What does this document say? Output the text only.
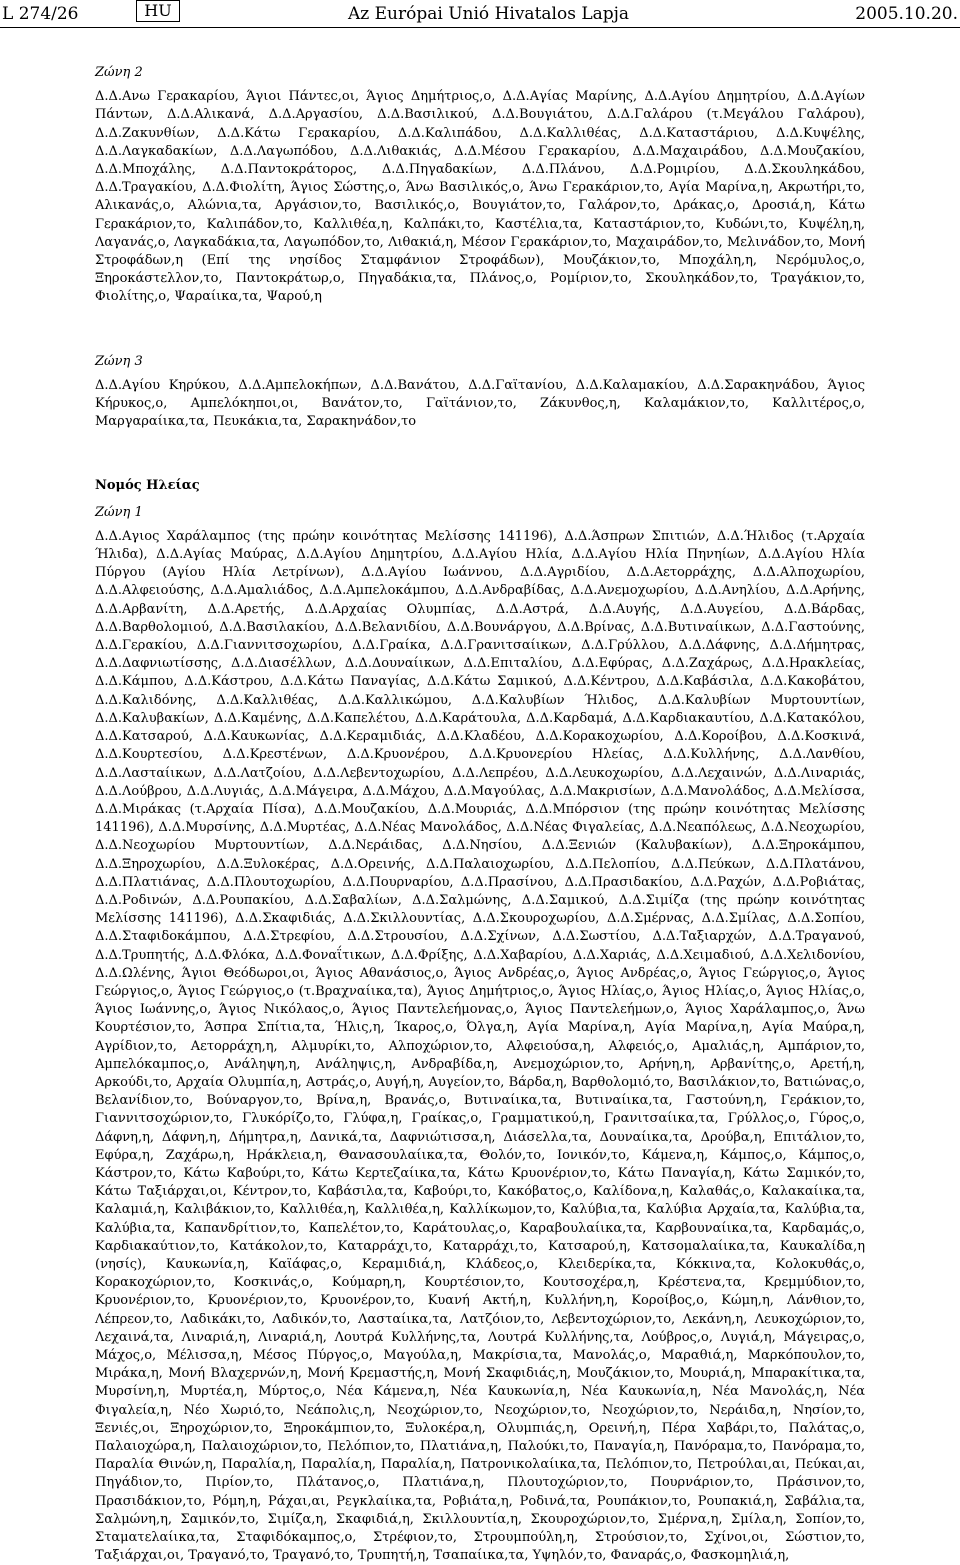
L 274/26	HU	Az Európai Unió Hivatalos Lapja	2005.10.20.

Ζώνη 2

Δ.Δ.Ανω Γερακαρίου, Άγιοι Πάντεc,οι, Άγιος Δημήτριος,ο, Δ.Δ.Αγίας Μαρίνης, Δ.Δ.Αγίου Δημητρίου, Δ.Δ.Αγίων Πάντων, Δ.Δ.Αλικανά, Δ.Δ.Αργασίου, Δ.Δ.Βασιλικού, Δ.Δ.Βουγιάτου, Δ.Δ.Γαλάρου (τ.Μεγάλου Γαλάρου), Δ.Δ.Ζακυνθίων, Δ.Δ.Κάτω Γερακαρίου, Δ.Δ.Καλιπάδου, Δ.Δ.Καλλιθέας, Δ.Δ.Καταστάριου, Δ.Δ.Κυψέλης, Δ.Δ.Λαγκαδακίων, Δ.Δ.Λαγωπόδου, Δ.Δ.Λιθακιάς, Δ.Δ.Μέσου Γερακαρίου, Δ.Δ.Μαχαιράδου, Δ.Δ.Μουζακίου, Δ.Δ.Μποχάλης, Δ.Δ.Παντοκράτορος, Δ.Δ.Πηγαδακίων, Δ.Δ.Πλάνου, Δ.Δ.Ρομιρίου, Δ.Δ.Σκουληκάδου, Δ.Δ.Τραγακίου, Δ.Δ.Φιολίτη, Άγιος Σώστης,ο, Άνω Βασιλικός,ο, Άνω Γερακάριον,το, Αγία Μαρίνα,η, Ακρωτήρι,το, Αλικανάς,ο, Αλώνια,τα, Αργάσιον,το, Βασιλικός,ο, Βουγιάτον,το, Γαλάρον,το, Δράκας,ο, Δροσιά,η, Κάτω Γερακάριον,το, Καλιπάδον,το, Καλλιθέα,η, Καλπάκι,το, Καστέλια,τα, Καταστάριον,το, Κυδώνι,το, Κυψέλη,η, Λαγανάς,ο, Λαγκαδάκια,τα, Λαγωπόδον,το, Λιθακιά,η, Μέσον Γερακάριον,το, Μαχαιράδον,το, Μελινάδον,το, Μονή Στροφάδων,η (Επί της νησίδος Σταμφάνιον Στροφάδων), Μουζάκιον,το, Μποχάλη,η, Νερόμυλος,ο, Ξηροκάστελλον,το, Παντοκράτωρ,ο, Πηγαδάκια,τα, Πλάνος,ο, Ρομίριον,το, Σκουληκάδον,το, Τραγάκιον,το, Φιολίτης,ο, Ψαραίικα,τα, Ψαρού,η

Ζώνη 3

Δ.Δ.Αγίου Κηρύκου, Δ.Δ.Αμπελοκήπων, Δ.Δ.Βανάτου, Δ.Δ.Γαϊτανίου, Δ.Δ.Καλαμακίου, Δ.Δ.Σαρακηνάδου, Άγιος Κήρυκος,ο, Αμπελόκηποι,οι, Βανάτον,το, Γαϊτάνιον,το, Ζάκυνθος,η, Καλαμάκιον,το, Καλλιτέρος,ο, Μαργαραίικα,τα, Πευκάκια,τα, Σαρακηνάδον,το

Νομός Ηλείας

Ζώνη 1

Δ.Δ.Αγιος Χαράλαμπος (της πρώην κοινότητας Μελίσσης 141196), Δ.Δ.Άσπρων Σπιτιών, Δ.Δ.Ήλιδος (τ.Αρχαία Ήλιδα), Δ.Δ.Αγίας Μαύρας, Δ.Δ.Αγίου Δημητρίου, Δ.Δ.Αγίου Ηλία, Δ.Δ.Αγίου Ηλία Πηνηίων, Δ.Δ.Αγίου Ηλία Πύργου (Αγίου Ηλία Λετρίνων), Δ.Δ.Αγίου Ιωάννου, Δ.Δ.Αγριδίου, Δ.Δ.Αετορράχης, Δ.Δ.Αλποχωρίου, Δ.Δ.Αλφειούσης, Δ.Δ.Αμαλιάδος, Δ.Δ.Αμπελοκάμπου, Δ.Δ.Ανδραβίδας, Δ.Δ.Ανεμοχωρίου, Δ.Δ.Ανηλίου, Δ.Δ.Αρήνης, Δ.Δ.Αρβανίτη, Δ.Δ.Αρετής, Δ.Δ.Αρχαίας Ολυμπίας, Δ.Δ.Αστρά, Δ.Δ.Αυγής, Δ.Δ.Αυγείου, Δ.Δ.Βάρδας, Δ.Δ.Βαρθολομιού, Δ.Δ.Βασιλακίου, Δ.Δ.Βελανιδίου, Δ.Δ.Βουνάργου, Δ.Δ.Βρίνας, Δ.Δ.Βυτιναίικων, Δ.Δ.Γαστούνης, Δ.Δ.Γερακίου, Δ.Δ.Γιαννιτσοχωρίου, Δ.Δ.Γραίκα, Δ.Δ.Γρανιτσαίικων, Δ.Δ.Γρύλλου, Δ.Δ.Δάφνης, Δ.Δ.Δήμητρας, Δ.Δ.Δαφνιωτίσσης, Δ.Δ.Διασέλλων, Δ.Δ.Δουναίικων, Δ.Δ.Επιταλίου, Δ.Δ.Εφύρας, Δ.Δ.Ζαχάρως, Δ.Δ.Ηρακλείας, Δ.Δ.Κάμπου, Δ.Δ.Κάστρου, Δ.Δ.Κάτω Παναγίας, Δ.Δ.Κάτω Σαμικού, Δ.Δ.Κέντρου, Δ.Δ.Καβάσιλα, Δ.Δ.Κακοβάτου, Δ.Δ.Καλιδόνης, Δ.Δ.Καλλιθέας, Δ.Δ.Καλλικώμου, Δ.Δ.Καλυβίων Ήλιδος, Δ.Δ.Καλυβίων Μυρτουντίων, Δ.Δ.Καλυβακίων, Δ.Δ.Καμένης, Δ.Δ.Καπελέτου, Δ.Δ.Καράτουλα, Δ.Δ.Καρδαμά, Δ.Δ.Καρδιακαυτίου, Δ.Δ.Κατακόλου, Δ.Δ.Κατσαρού, Δ.Δ.Καυκωνίας, Δ.Δ.Κεραμιδιάς, Δ.Δ.Κλαδέου, Δ.Δ.Κορακοχωρίου, Δ.Δ.Κοροίβου, Δ.Δ.Κοσκινά, Δ.Δ.Κουρτεσίου, Δ.Δ.Κρεστένων, Δ.Δ.Κρυονέρου, Δ.Δ.Κρυονερίου Ηλείας, Δ.Δ.Κυλλήνης, Δ.Δ.Λανθίου, Δ.Δ.Λασταίικων, Δ.Δ.Λατζοίου, Δ.Δ.Λεβεντοχωρίου, Δ.Δ.Λεπρέου, Δ.Δ.Λευκοχωρίου, Δ.Δ.Λεχαινών, Δ.Δ.Λιναριάς, Δ.Δ.Λούβρου, Δ.Δ.Λυγιάς, Δ.Δ.Μάγειρα, Δ.Δ.Μάχου, Δ.Δ.Μαγούλας, Δ.Δ.Μακρισίων, Δ.Δ.Μανολάδος, Δ.Δ.Μελίσσα, Δ.Δ.Μιράκας (τ.Αρχαία Πίσα), Δ.Δ.Μουζακίου, Δ.Δ.Μουριάς, Δ.Δ.Μπόρσιον (της πρώην κοινότητας Μελίσσης 141196), Δ.Δ.Μυρσίνης, Δ.Δ.Μυρτέας, Δ.Δ.Νέας Μανολάδος, Δ.Δ.Νέας Φιγαλείας, Δ.Δ.Νεαπόλεως, Δ.Δ.Νεοχωρίου, Δ.Δ.Νεοχωρίου Μυρτουντίων, Δ.Δ.Νεράιδας, Δ.Δ.Νησίου, Δ.Δ.Ξενιών (Καλυβακίων), Δ.Δ.Ξηροκάμπου, Δ.Δ.Ξηροχωρίου, Δ.Δ.Ξυλοκέρας, Δ.Δ.Ορεινής, Δ.Δ.Παλαιοχωρίου, Δ.Δ.Πελοπίου, Δ.Δ.Πεύκων, Δ.Δ.Πλατάνου, Δ.Δ.Πλατιάνας, Δ.Δ.Πλουτοχωρίου, Δ.Δ.Πουρναρίου, Δ.Δ.Πρασίνου, Δ.Δ.Πρασιδακίου, Δ.Δ.Ραχών, Δ.Δ.Ροβιάτας, Δ.Δ.Ροδινών, Δ.Δ.Ρουπακίου, Δ.Δ.Σαβαλίων, Δ.Δ.Σαλμώνης, Δ.Δ.Σαμικού, Δ.Δ.Σιμίζα (της πρώην κοινότητας Μελίσσης 141196), Δ.Δ.Σκαφιδιάς, Δ.Δ.Σκιλλουντίας, Δ.Δ.Σκουροχωρίου, Δ.Δ.Σμέρνας, Δ.Δ.Σμίλας, Δ.Δ.Σοπίου, Δ.Δ.Σταφιδοκάμπου, Δ.Δ.Στρεφίου, Δ.Δ.Στρουσίου, Δ.Δ.Σχίνων, Δ.Δ.Σωστίου, Δ.Δ.Ταξιαρχών, Δ.Δ.Τραγανού, Δ.Δ.Τρυπητής, Δ.Δ.Φλόκα, Δ.Δ.Φοναΐτικων, Δ.Δ.Φρίξης, Δ.Δ.Χαβαρίου, Δ.Δ.Χαριάς, Δ.Δ.Χειμαδιού, Δ.Δ.Χελιδονίου, Δ.Δ.Ωλένης, Άγιοι Θεόδωροι,οι, Άγιος Αθανάσιος,ο, Άγιος Ανδρέας,ο, Άγιος Ανδρέας,ο, Άγιος Γεώργιος,ο, Άγιος Γεώργιος,ο, Άγιος Γεώργιος,ο (τ.Βραχναίικα,τα), Άγιος Δημήτριος,ο, Άγιος Ηλίας,ο, Άγιος Ηλίας,ο, Άγιος Ηλίας,ο, Άγιος Ιωάννης,ο, Άγιος Νικόλαος,ο, Άγιος Παντελεήμονας,ο, Άγιος Παντελεήμων,ο, Άγιος Χαράλαμπος,ο, Άνω Κουρτέσιον,το, Άσπρα Σπίτια,τα, Ήλις,η, Ίκαρος,ο, Όλγα,η, Αγία Μαρίνα,η, Αγία Μαρίνα,η, Αγία Μαύρα,η, Αγρίδιον,το, Αετορράχη,η, Αλμυρίκι,το, Αλποχώριον,το, Αλφειούσα,η, Αλφειός,ο, Αμαλιάς,η, Αμπάριον,το, Αμπελόκαμπος,ο, Ανάληψη,η, Ανάληψις,η, Ανδραβίδα,η, Ανεμοχώριον,το, Αρήνη,η, Αρβανίτης,ο, Αρετή,η, Αρκούδι,το, Αρχαία Ολυμπία,η, Αστράς,ο, Αυγή,η, Αυγείον,το, Βάρδα,η, Βαρθολομιό,το, Βασιλάκιον,το, Βατιώνας,ο, Βελανίδιον,το, Βούναργον,το, Βρίνα,η, Βρανάς,ο, Βυτιναίικα,τα, Βυτιναίικα,τα, Γαστούνη,η, Γεράκιον,το, Γιαννιτσοχώριον,το, Γλυκόρίζο,το, Γλύφα,η, Γραίκας,ο, Γραμματικού,η, Γρανιτσαίικα,τα, Γρύλλος,ο, Γύρος,ο, Δάφνη,η, Δάφνη,η, Δήμητρα,η, Δανικά,τα, Δαφνιώτισσα,η, Διάσελλα,τα, Δουναίικα,τα, Δρούβα,η, Επιτάλιον,το, Εφύρα,η, Ζαχάρω,η, Ηράκλεια,η, Θανασουλαίικα,τα, Θολόν,το, Ιονικόν,το, Κάμενα,η, Κάμπος,ο, Κάμπος,ο, Κάστρον,το, Κάτω Καβούρι,το, Κάτω Κερτεζαίικα,τα, Κάτω Κρυονέριον,το, Κάτω Παναγία,η, Κάτω Σαμικόν,το, Κάτω Ταξιάρχαι,οι, Κέντρον,το, Καβάσιλα,τα, Καβούρι,το, Κακόβατος,ο, Καλίδονα,η, Καλαθάς,ο, Καλακαίικα,τα, Καλαμιά,η, Καλιβάκιον,το, Καλλιθέα,η, Καλλιθέα,η, Καλλίκωμον,το, Καλύβια,τα, Καλύβια Αρχαία,τα, Καλύβια,τα, Καλύβια,τα, Καπανδρίτιον,το, Καπελέτον,το, Καράτουλας,ο, Καραβουλαίικα,τα, Καρβουναίικα,τα, Καρδαμάς,ο, Καρδιακαύτιον,το, Κατάκολον,το, Καταρράχι,το, Καταρράχι,το, Κατσαρού,η, Κατσομαλαίικα,τα, Καυκαλίδα,η (νησίς), Καυκωνία,η, Καϊάφας,ο, Κεραμιδιά,η, Κλάδεος,ο, Κλειδερίκα,τα, Κόκκινα,τα, Κολοκυθάς,ο, Κορακοχώριον,το, Κοσκινάς,ο, Κούμαρη,η, Κουρτέσιον,το, Κουτσοχέρα,η, Κρέστενα,τα, Κρεμμύδιον,το, Κρυονέριον,το, Κρυονέριον,το, Κρυονέρον,το, Κυανή Ακτή,η, Κυλλήνη,η, Κοροίβος,ο, Κώμη,η, Λάνθιον,το, Λέπρεον,το, Λαδικάκι,το, Λαδικόν,το, Λασταίικα,τα, Λατζόιον,το, Λεβεντοχώριον,το, Λεκάνη,η, Λευκοχώριον,το, Λεχαινά,τα, Λιναριά,η, Λιναριά,η, Λουτρά Κυλλήνης,τα, Λουτρά Κυλλήνης,τα, Λούβρος,ο, Λυγιά,η, Μάγειρας,ο, Μάχος,ο, Μέλισσα,η, Μέσος Πύργος,ο, Μαγούλα,η, Μακρίσια,τα, Μανολάς,ο, Μαραθιά,η, Μαρκόπουλον,το, Μιράκα,η, Μονή Βλαχερνών,η, Μονή Κρεμαστής,η, Μονή Σκαφιδιάς,η, Μουζάκιον,το, Μουριά,η, Μπαρακίτικα,τα, Μυρσίνη,η, Μυρτέα,η, Μύρτος,ο, Νέα Κάμενα,η, Νέα Καυκωνία,η, Νέα Καυκωνία,η, Νέα Μανολάς,η, Νέα Φιγαλεία,η, Νέο Χωριό,το, Νεάπολις,η, Νεοχώριον,το, Νεοχώριον,το, Νεοχώριον,το, Νεράιδα,η, Νησίον,το, Ξενιές,οι, Ξηροχώριον,το, Ξηροκάμπιον,το, Ξυλοκέρα,η, Ολυμπιάς,η, Ορεινή,η, Πέρα Χαβάρι,το, Παλάτας,ο, Παλαιοχώρα,η, Παλαιοχώριον,το, Πελόπιον,το, Πλατιάνα,η, Παλούκι,το, Παναγία,η, Πανόραμα,το, Πανόραμα,το, Παραλία Θινών,η, Παραλία,η, Παραλία,η, Παραλία,η, Πατρονικολαίικα,τα, Πελόπιον,το, Πετρούλαι,αι, Πεύκαι,αι, Πηγάδιον,το, Πιρίον,το, Πλάτανος,ο, Πλατιάνα,η, Πλουτοχώριον,το, Πουρνάριον,το, Πράσινον,το, Πρασιδάκιον,το, Ρόμη,η, Ράχαι,αι, Ρεγκλαίικα,τα, Ροβιάτα,η, Ροδινά,τα, Ρουπάκιον,το, Ρουπακιά,η, Σαβάλια,τα, Σαλμώνη,η, Σαμικόν,το, Σιμίζα,η, Σκαφιδιά,η, Σκιλλουντία,η, Σκουροχώριον,το, Σμέρνα,η, Σμίλα,η, Σοπίον,το, Σταματελαίικα,τα, Σταφιδόκαμπος,ο, Στρέφιον,το, Στρουμπούλη,η, Στρούσιον,το, Σχίνοι,οι, Σώστιον,το, Ταξιάρχαι,οι, Τραγανό,το, Τραγανό,το, Τρυπητή,η, Τσαπαίικα,τα, Υψηλόν,το, Φαναράς,ο, Φασκομηλιά,η,
